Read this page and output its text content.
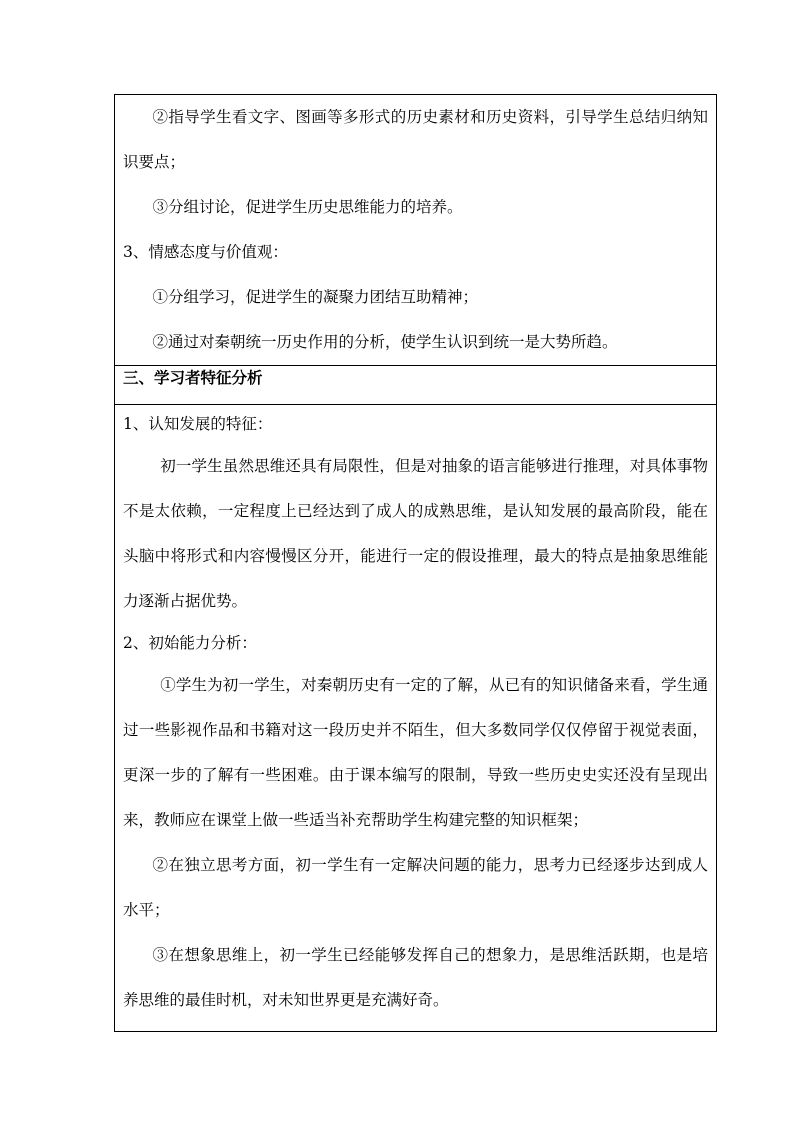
②指导学生看文字、图画等多形式的历史素材和历史资料，引导学生总结归纳知识要点；

③分组讨论，促进学生历史思维能力的培养。

3、情感态度与价值观：

①分组学习，促进学生的凝聚力团结互助精神；

②通过对秦朝统一历史作用的分析，使学生认识到统一是大势所趋。

三、学习者特征分析

1、认知发展的特征：

初一学生虽然思维还具有局限性，但是对抽象的语言能够进行推理，对具体事物不是太依赖，一定程度上已经达到了成人的成熟思维，是认知发展的最高阶段，能在头脑中将形式和内容慢慢区分开，能进行一定的假设推理，最大的特点是抽象思维能力逐渐占据优势。

2、初始能力分析：

①学生为初一学生，对秦朝历史有一定的了解，从已有的知识储备来看，学生通过一些影视作品和书籍对这一段历史并不陌生，但大多数同学仅仅停留于视觉表面，更深一步的了解有一些困难。由于课本编写的限制，导致一些历史史实还没有呈现出来，教师应在课堂上做一些适当补充帮助学生构建完整的知识框架；

②在独立思考方面，初一学生有一定解决问题的能力，思考力已经逐步达到成人水平；

③在想象思维上，初一学生已经能够发挥自己的想象力，是思维活跃期，也是培养思维的最佳时机，对未知世界更是充满好奇。
